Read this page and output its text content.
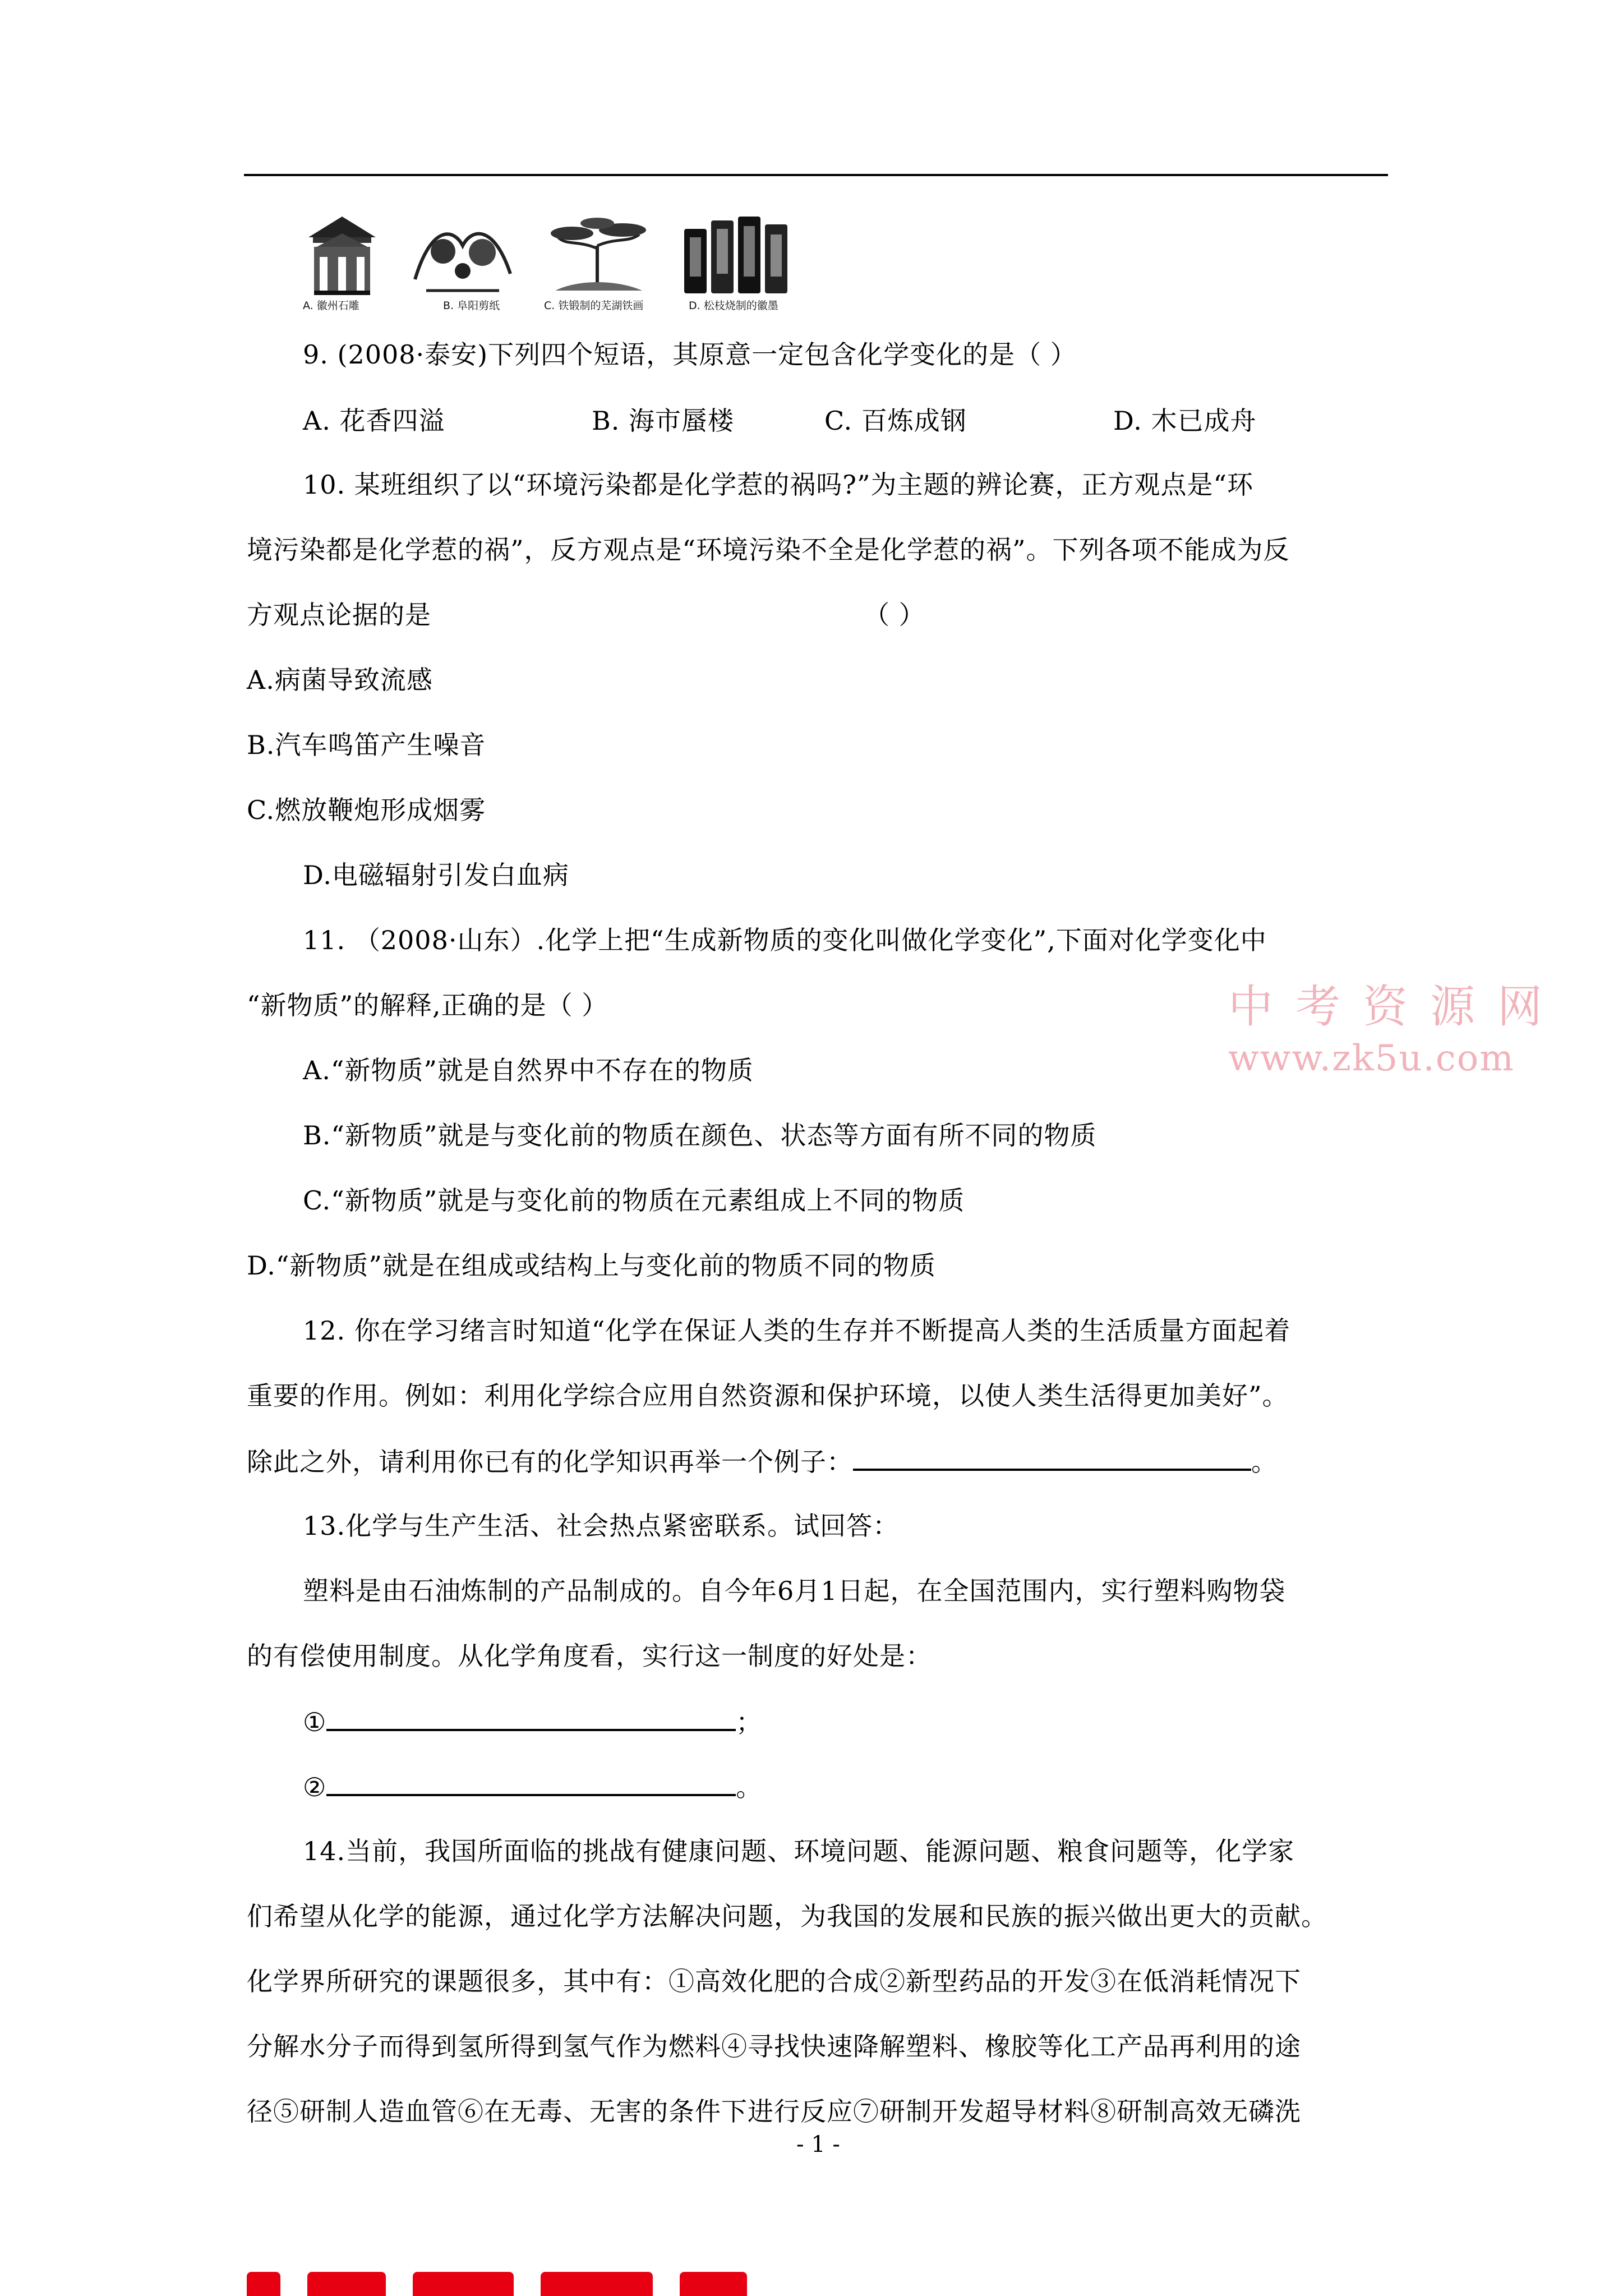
A. 徽州石雕	B. 阜阳剪纸	C. 铁锻制的芜湖铁画	D. 松枝烧制的徽墨
9. (2008·泰安)下列四个短语，其原意一定包含化学变化的是（ ）
A. 花香四溢	B. 海市蜃楼	C. 百炼成钢	D. 木已成舟
10. 某班组织了以“环境污染都是化学惹的祸吗?”为主题的辨论赛，正方观点是“环
境污染都是化学惹的祸”，反方观点是“环境污染不全是化学惹的祸”。下列各项不能成为反
方观点论据的是	（ ）
A.病菌导致流感
B.汽车鸣笛产生噪音
C.燃放鞭炮形成烟雾
D.电磁辐射引发白血病
11. （2008·山东）.化学上把“生成新物质的变化叫做化学变化”,下面对化学变化中
“新物质”的解释,正确的是（ ）
A.“新物质”就是自然界中不存在的物质
B.“新物质”就是与变化前的物质在颜色、状态等方面有所不同的物质
C.“新物质”就是与变化前的物质在元素组成上不同的物质
D.“新物质”就是在组成或结构上与变化前的物质不同的物质
12. 你在学习绪言时知道“化学在保证人类的生存并不断提高人类的生活质量方面起着
重要的作用。例如：利用化学综合应用自然资源和保护环境，以使人类生活得更加美好”。
除此之外，请利用你已有的化学知识再举一个例子：	。
13.化学与生产生活、社会热点紧密联系。试回答：
塑料是由石油炼制的产品制成的。自今年6月1日起，在全国范围内，实行塑料购物袋
的有偿使用制度。从化学角度看，实行这一制度的好处是：
①	；
②	。
14.当前，我国所面临的挑战有健康问题、环境问题、能源问题、粮食问题等，化学家
们希望从化学的能源，通过化学方法解决问题，为我国的发展和民族的振兴做出更大的贡献。
化学界所研究的课题很多，其中有：①高效化肥的合成②新型药品的开发③在低消耗情况下
分解水分子而得到氢所得到氢气作为燃料④寻找快速降解塑料、橡胶等化工产品再利用的途
径⑤研制人造血管⑥在无毒、无害的条件下进行反应⑦研制开发超导材料⑧研制高效无磷洗
中考资源网
www.zk5u.com
- 1 -
